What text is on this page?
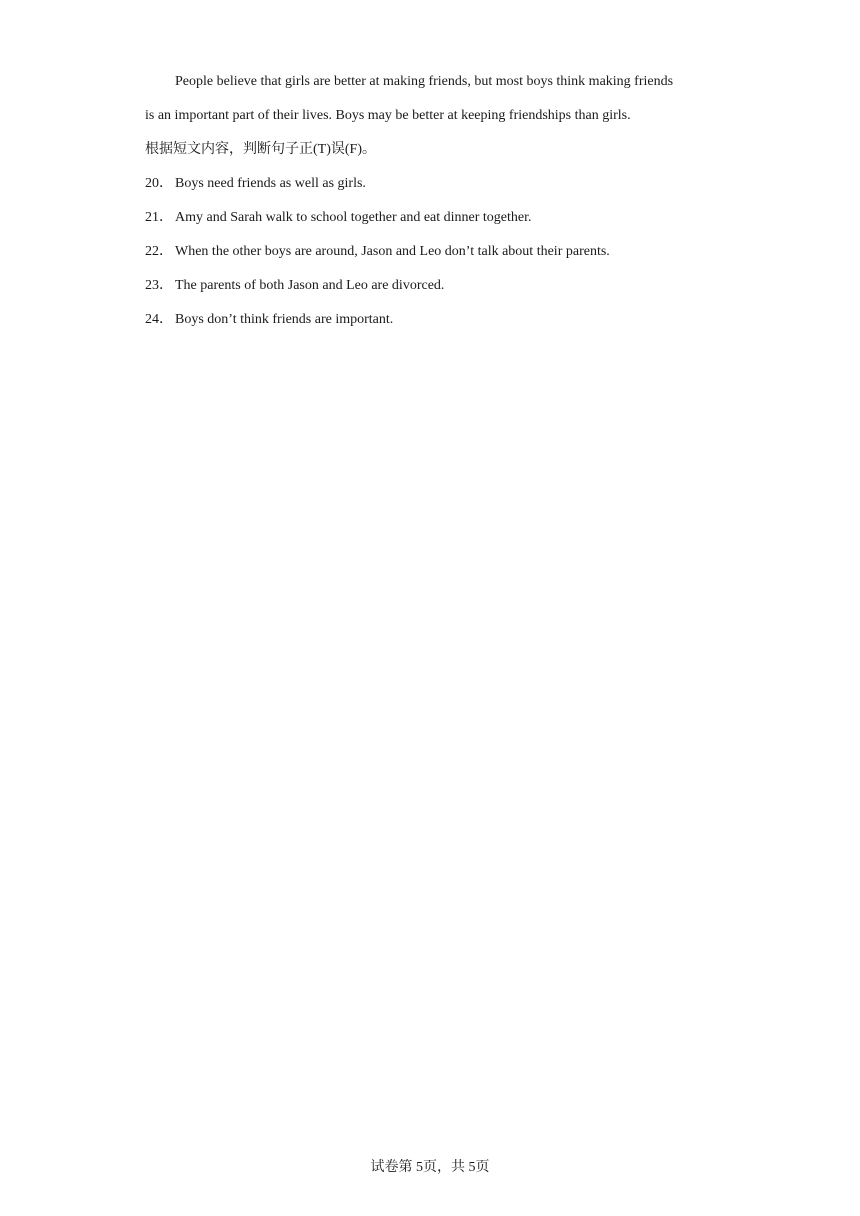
People believe that girls are better at making friends, but most boys think making friends
is an important part of their lives. Boys may be better at keeping friendships than girls.

根据短文内容，判断句子正(T)误(F)。

20． Boys need friends as well as girls.
21． Amy and Sarah walk to school together and eat dinner together.
22． When the other boys are around, Jason and Leo don’t talk about their parents.
23． The parents of both Jason and Leo are divorced.
24． Boys don’t think friends are important.
试卷第 5页，共 5页
